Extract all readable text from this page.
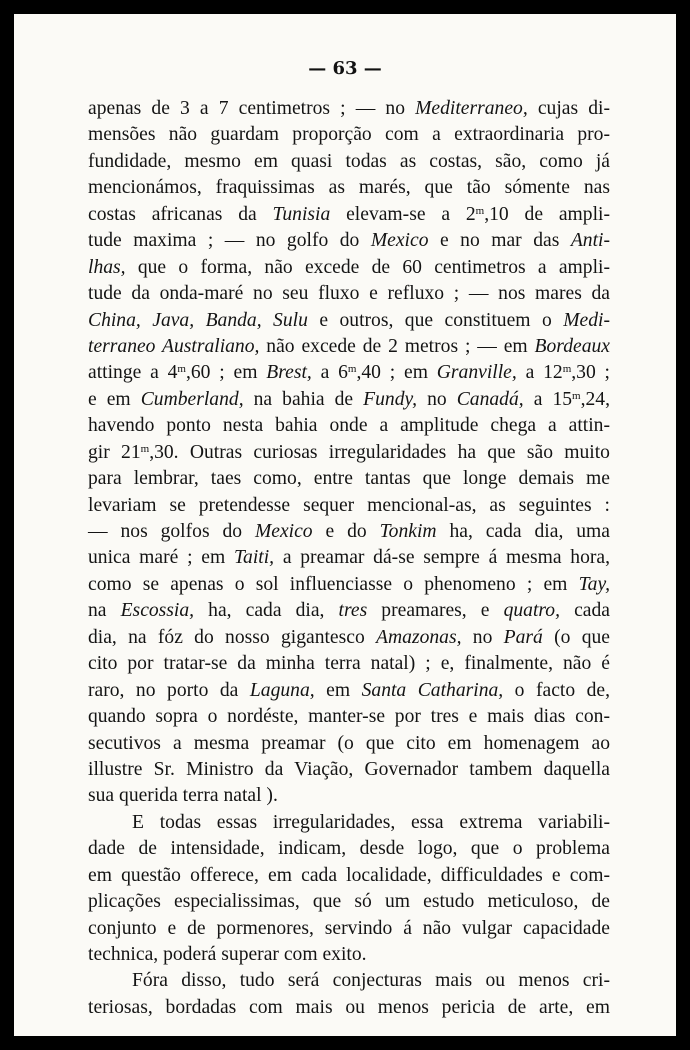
— 63 —
apenas de 3 a 7 centimetros ; — no Mediterraneo, cujas di-
mensões não guardam proporção com a extraordinaria pro-
fundidade, mesmo em quasi todas as costas, são, como já
mencionámos, fraquissimas as marés, que tão sómente nas
costas africanas da Tunisia elevam-se a 2$^m$,10 de ampli-
tude maxima ; — no golfo do Mexico e no mar das Anti-
lhas, que o forma, não excede de 60 centimetros a ampli-
tude da onda-maré no seu fluxo e refluxo ; — nos mares da
China, Java, Banda, Sulu e outros, que constituem o Medi-
terraneo Australiano, não excede de 2 metros ; — em Bordeaux
attinge a 4$^m$,60 ; em Brest, a 6$^m$,40 ; em Granville, a 12$^m$,30 ;
e em Cumberland, na bahia de Fundy, no Canadá, a 15$^m$,24,
havendo ponto nesta bahia onde a amplitude chega a attin-
gir 21$^m$,30. Outras curiosas irregularidades ha que são muito
para lembrar, taes como, entre tantas que longe demais me
levariam se pretendesse sequer mencional-as, as seguintes :
— nos golfos do Mexico e do Tonkim ha, cada dia, uma
unica maré ; em Taiti, a preamar dá-se sempre á mesma hora,
como se apenas o sol influenciasse o phenomeno ; em Tay,
na Escossia, ha, cada dia, tres preamares, e quatro, cada
dia, na fóz do nosso gigantesco Amazonas, no Pará (o que
cito por tratar-se da minha terra natal) ; e, finalmente, não é
raro, no porto da Laguna, em Santa Catharina, o facto de,
quando sopra o nordéste, manter-se por tres e mais dias con-
secutivos a mesma preamar (o que cito em homenagem ao
illustre Sr. Ministro da Viação, Governador tambem daquella
sua querida terra natal ).
E todas essas irregularidades, essa extrema variabili-
dade de intensidade, indicam, desde logo, que o problema
em questão offerece, em cada localidade, difficuldades e com-
plicações especialissimas, que só um estudo meticuloso, de
conjunto e de pormenores, servindo á não vulgar capacidade
technica, poderá superar com exito.
Fóra disso, tudo será conjecturas mais ou menos cri-
teriosas, bordadas com mais ou menos pericia de arte, em
